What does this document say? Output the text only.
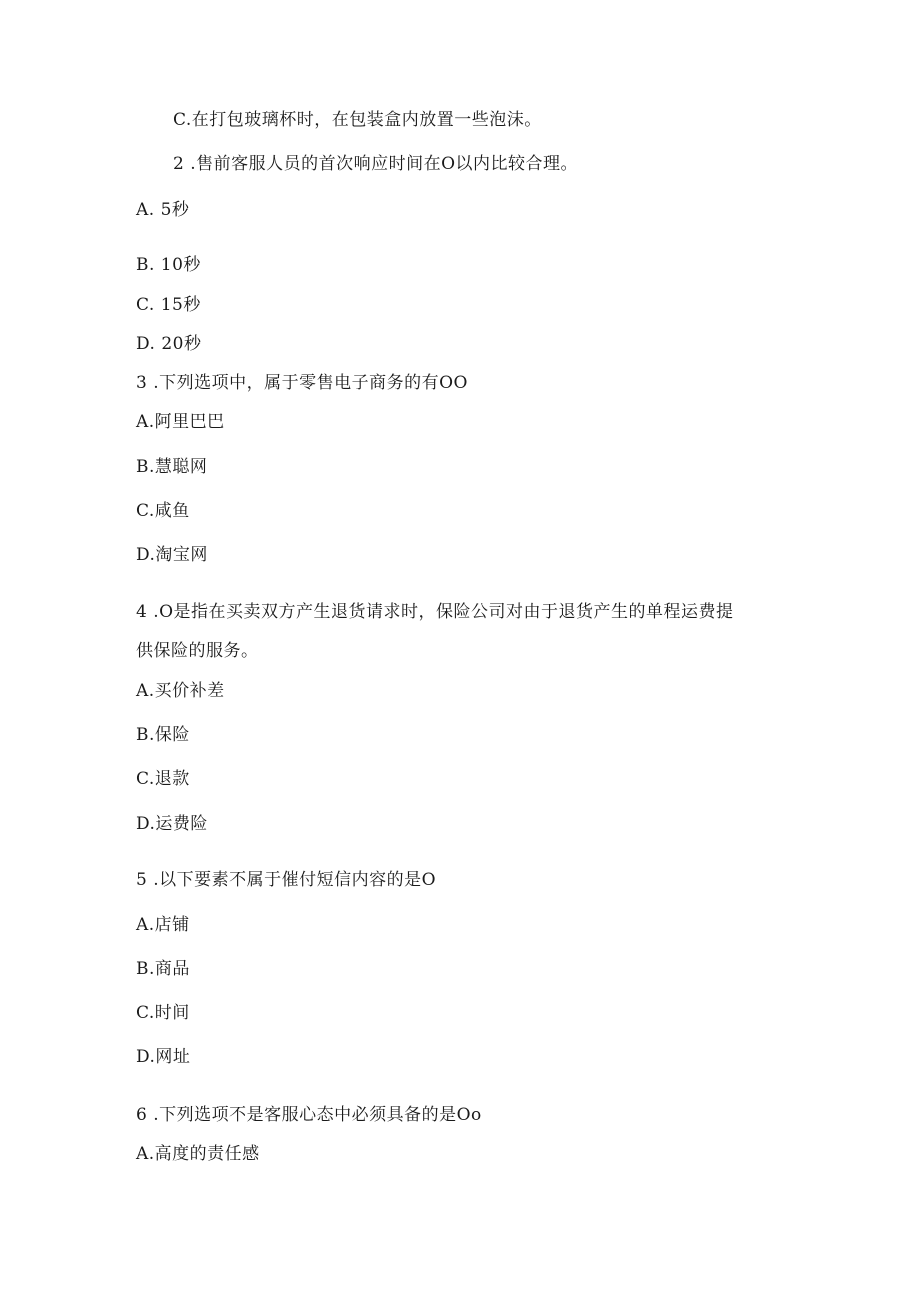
C.在打包玻璃杯时，在包装盒内放置一些泡沫。
2 .售前客服人员的首次响应时间在O以内比较合理。
A. 5秒
B. 10秒
C. 15秒
D. 20秒
3 .下列选项中，属于零售电子商务的有OO
A.阿里巴巴
B.慧聪网
C.咸鱼
D.淘宝网
4 .O是指在买卖双方产生退货请求时，保险公司对由于退货产生的单程运费提
供保险的服务。
A.买价补差
B.保险
C.退款
D.运费险
5 .以下要素不属于催付短信内容的是O
A.店铺
B.商品
C.时间
D.网址
6 .下列选项不是客服心态中必须具备的是Oo
A.高度的责任感
